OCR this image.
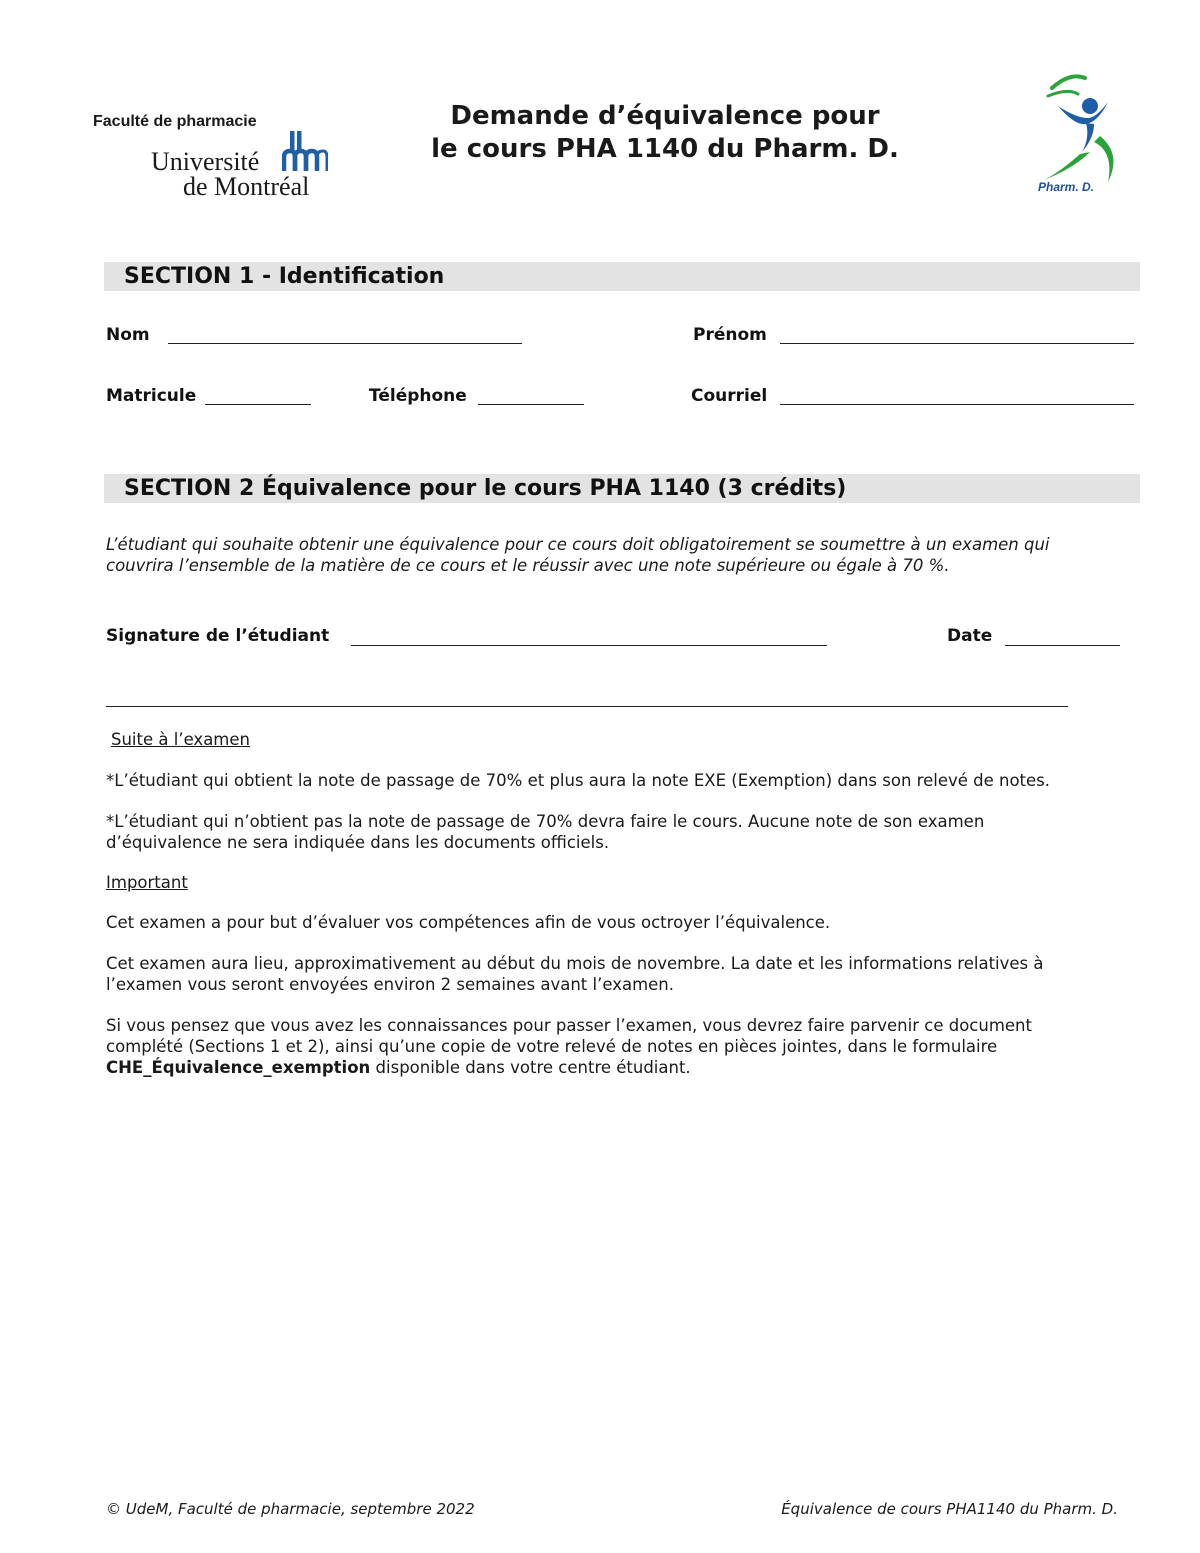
Faculté de pharmacie
Université
de Montréal
Demande d’équivalence pour
le cours PHA 1140 du Pharm. D.
Pharm. D.
SECTION 1 - Identification
Nom	Prénom
Matricule	Téléphone	Courriel
SECTION 2 Équivalence pour le cours PHA 1140 (3 crédits)
L’étudiant qui souhaite obtenir une équivalence pour ce cours doit obligatoirement se soumettre à un examen qui
couvrira l’ensemble de la matière de ce cours et le réussir avec une note supérieure ou égale à 70 %.
Signature de l’étudiant	Date
Suite à l’examen
*L’étudiant qui obtient la note de passage de 70% et plus aura la note EXE (Exemption) dans son relevé de notes.
*L’étudiant qui n’obtient pas la note de passage de 70% devra faire le cours. Aucune note de son examen
d’équivalence ne sera indiquée dans les documents officiels.
Important
Cet examen a pour but d’évaluer vos compétences afin de vous octroyer l’équivalence.
Cet examen aura lieu, approximativement au début du mois de novembre. La date et les informations relatives à
l’examen vous seront envoyées environ 2 semaines avant l’examen.
Si vous pensez que vous avez les connaissances pour passer l’examen, vous devrez faire parvenir ce document
complété (Sections 1 et 2), ainsi qu’une copie de votre relevé de notes en pièces jointes, dans le formulaire
CHE_Équivalence_exemption disponible dans votre centre étudiant.
© UdeM, Faculté de pharmacie, septembre 2022	Équivalence de cours PHA1140 du Pharm. D.
